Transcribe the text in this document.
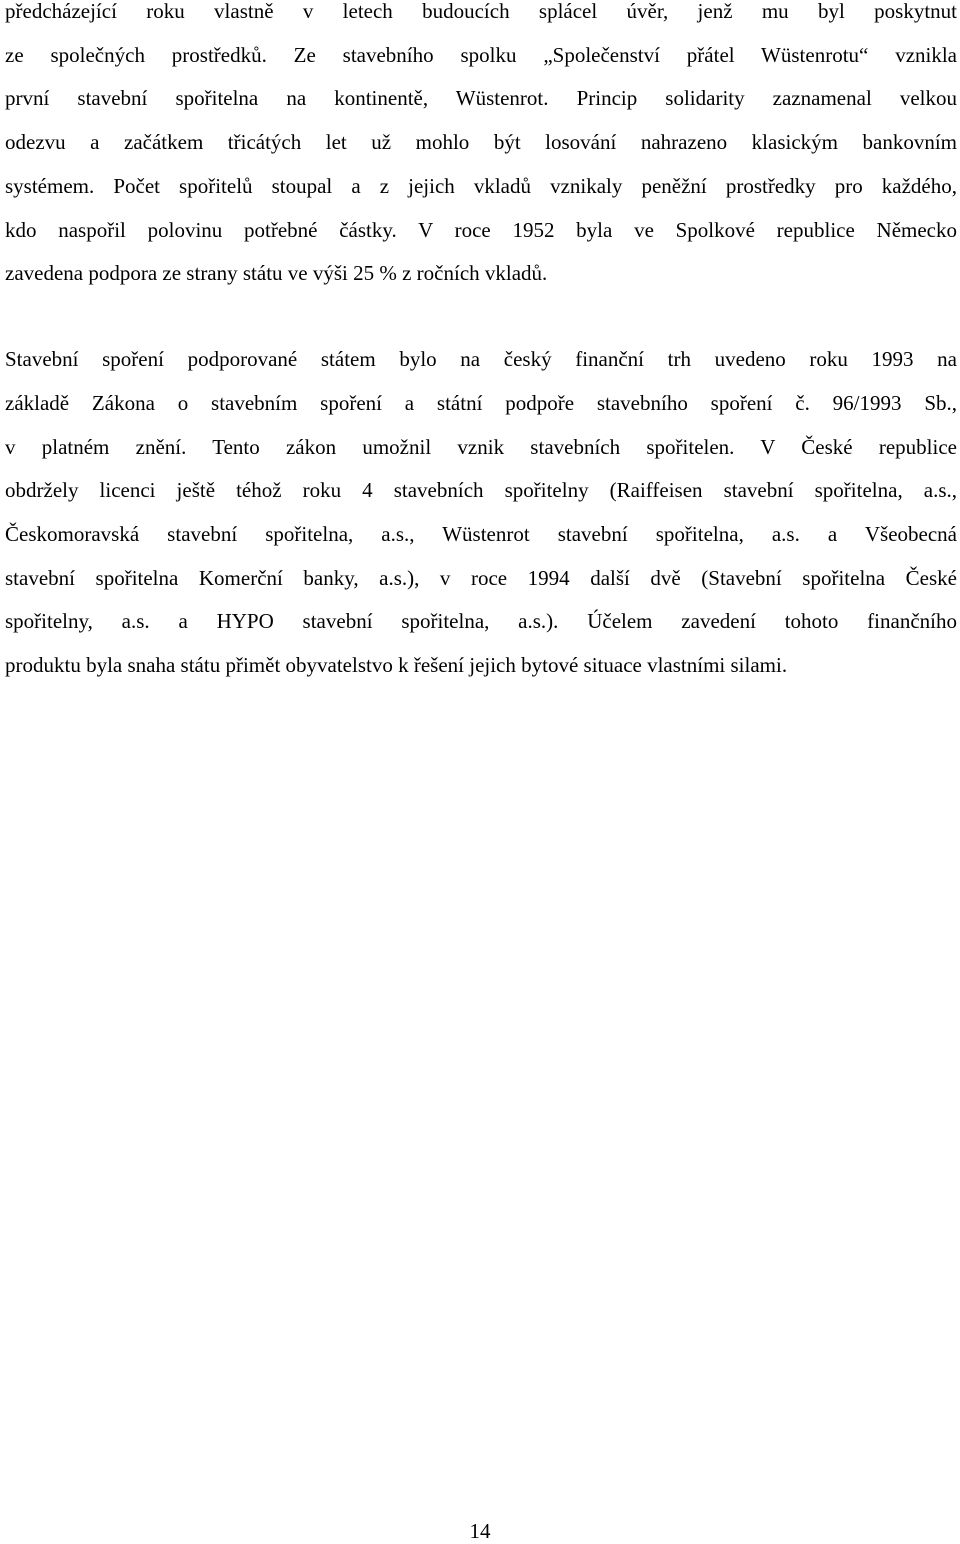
předcházející roku vlastně v letech budoucích splácel úvěr, jenž mu byl poskytnut
ze společných prostředků. Ze stavebního spolku „Společenství přátel Wüstenrotu“ vznikla
první stavební spořitelna na kontinentě, Wüstenrot. Princip solidarity zaznamenal velkou
odezvu a začátkem třicátých let už mohlo být losování nahrazeno klasickým bankovním
systémem. Počet spořitelů stoupal a z jejich vkladů vznikaly peněžní prostředky pro každého,
kdo naspořil polovinu potřebné částky. V roce 1952 byla ve Spolkové republice Německo
zavedena podpora ze strany státu ve výši 25 % z ročních vkladů.
Stavební spoření podporované státem bylo na český finanční trh uvedeno roku 1993 na
základě Zákona o stavebním spoření a státní podpoře stavebního spoření č. 96/1993 Sb.,
v platném znění. Tento zákon umožnil vznik stavebních spořitelen. V České republice
obdržely licenci ještě téhož roku 4 stavebních spořitelny (Raiffeisen stavební spořitelna, a.s.,
Českomoravská stavební spořitelna, a.s., Wüstenrot stavební spořitelna, a.s. a Všeobecná
stavební spořitelna Komerční banky, a.s.), v roce 1994 další dvě (Stavební spořitelna České
spořitelny, a.s. a HYPO stavební spořitelna, a.s.). Účelem zavedení tohoto finančního
produktu byla snaha státu přimět obyvatelstvo k řešení jejich bytové situace vlastními silami.
14
